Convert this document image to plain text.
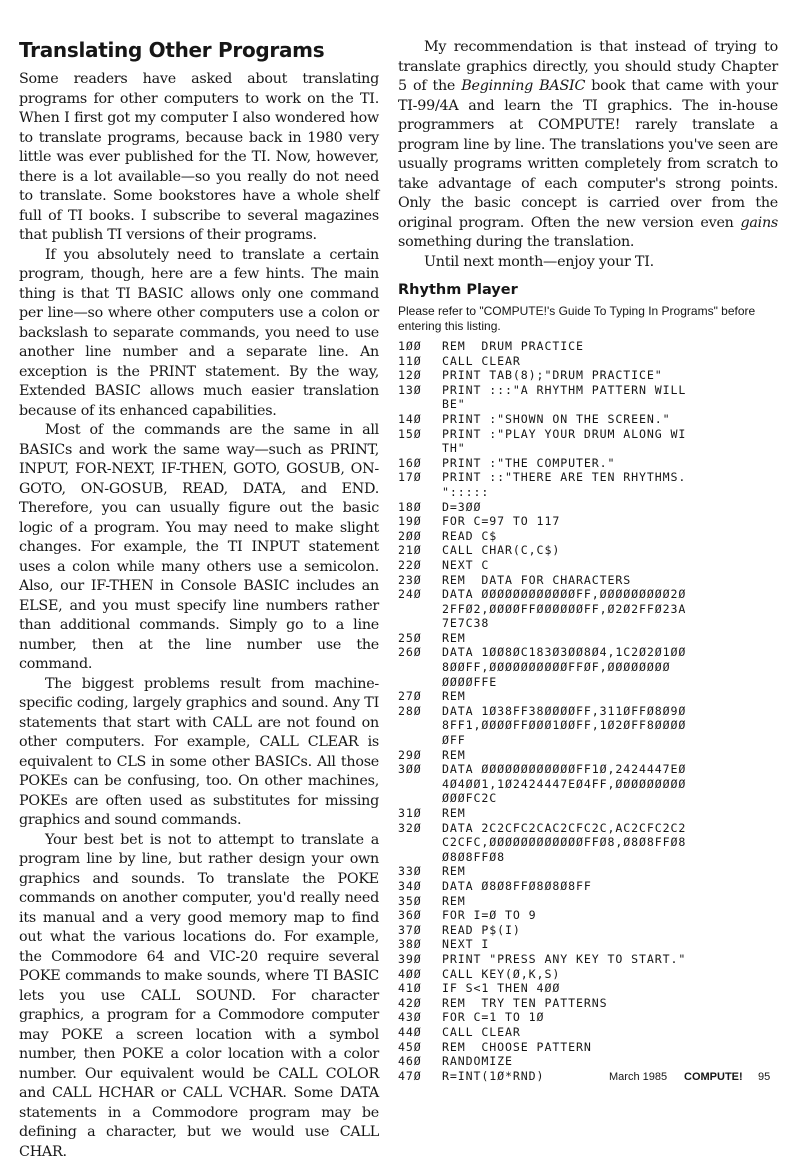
Translating Other Programs

Some readers have asked about translating programs for other computers to work on the TI. When I first got my computer I also wondered how to translate programs, because back in 1980 very little was ever published for the TI. Now, however, there is a lot available—so you really do not need to translate. Some bookstores have a whole shelf full of TI books. I subscribe to several magazines that publish TI versions of their programs.

If you absolutely need to translate a certain program, though, here are a few hints. The main thing is that TI BASIC allows only one command per line—so where other computers use a colon or backslash to separate commands, you need to use another line number and a separate line. An exception is the PRINT statement. By the way, Extended BASIC allows much easier translation because of its enhanced capabilities.

Most of the commands are the same in all BASICs and work the same way—such as PRINT, INPUT, FOR-NEXT, IF-THEN, GOTO, GOSUB, ON-GOTO, ON-GOSUB, READ, DATA, and END. Therefore, you can usually figure out the basic logic of a program. You may need to make slight changes. For example, the TI INPUT statement uses a colon while many others use a semicolon. Also, our IF-THEN in Console BASIC includes an ELSE, and you must specify line numbers rather than additional commands. Simply go to a line number, then at the line number use the command.

The biggest problems result from machine-specific coding, largely graphics and sound. Any TI statements that start with CALL are not found on other computers. For example, CALL CLEAR is equivalent to CLS in some other BASICs. All those POKEs can be confusing, too. On other machines, POKEs are often used as substitutes for missing graphics and sound commands.

Your best bet is not to attempt to translate a program line by line, but rather design your own graphics and sounds. To translate the POKE commands on another computer, you'd really need its manual and a very good memory map to find out what the various locations do. For example, the Commodore 64 and VIC-20 require several POKE commands to make sounds, where TI BASIC lets you use CALL SOUND. For character graphics, a program for a Commodore computer may POKE a screen location with a symbol number, then POKE a color location with a color number. Our equivalent would be CALL COLOR and CALL HCHAR or CALL VCHAR. Some DATA statements in a Commodore program may be defining a character, but we would use CALL CHAR.

My recommendation is that instead of trying to translate graphics directly, you should study Chapter 5 of the Beginning BASIC book that came with your TI-99/4A and learn the TI graphics. The in-house programmers at COMPUTE! rarely translate a program line by line. The translations you've seen are usually programs written completely from scratch to take advantage of each computer's strong points. Only the basic concept is carried over from the original program. Often the new version even gains something during the translation.

Until next month—enjoy your TI.

Rhythm Player

Please refer to "COMPUTE!'s Guide To Typing In Programs" before entering this listing.

1ØØ	REM  DRUM PRACTICE
11Ø	CALL CLEAR
12Ø	PRINT TAB(8);"DRUM PRACTICE"
13Ø	PRINT :::"A RHYTHM PATTERN WILL
BE"
14Ø	PRINT :"SHOWN ON THE SCREEN."
15Ø	PRINT :"PLAY YOUR DRUM ALONG WI
TH"
16Ø	PRINT :"THE COMPUTER."
17Ø	PRINT ::"THERE ARE TEN RHYTHMS.
":::::
18Ø	D=3ØØ
19Ø	FOR C=97 TO 117
2ØØ	READ C$
21Ø	CALL CHAR(C,C$)
22Ø	NEXT C
23Ø	REM  DATA FOR CHARACTERS
24Ø	DATA ØØØØØØØØØØØØFF,ØØØØØØØØØ2Ø
2FFØ2,ØØØØFFØØØØØØFF,Ø2Ø2FFØ23A
7E7C38
25Ø	REM
26Ø	DATA 1ØØ8ØC183Ø3ØØ8Ø4,1C2Ø2Ø1ØØ
8ØØFF,ØØØØØØØØØØFFØF,ØØØØØØØØ
ØØØØFFE
27Ø	REM
28Ø	DATA 1Ø38FF38ØØØØFF,311ØFFØ8Ø9Ø
8FF1,ØØØØFFØØØ1ØØFF,1Ø2ØFF8ØØØØ
ØFF
29Ø	REM
3ØØ	DATA ØØØØØØØØØØØØFF1Ø,2424447EØ
4Ø4ØØ1,1Ø2424447EØ4FF,ØØØØØØØØØ
ØØØFC2C
31Ø	REM
32Ø	DATA 2C2CFC2CAC2CFC2C,AC2CFC2C2
C2CFC,ØØØØØØØØØØØØFFØ8,Ø8Ø8FFØ8
Ø8Ø8FFØ8
33Ø	REM
34Ø	DATA Ø8Ø8FFØ8Ø8Ø8FF
35Ø	REM
36Ø	FOR I=Ø TO 9
37Ø	READ P$(I)
38Ø	NEXT I
39Ø	PRINT "PRESS ANY KEY TO START."
4ØØ	CALL KEY(Ø,K,S)
41Ø	IF S<1 THEN 4ØØ
42Ø	REM  TRY TEN PATTERNS
43Ø	FOR C=1 TO 1Ø
44Ø	CALL CLEAR
45Ø	REM  CHOOSE PATTERN
46Ø	RANDOMIZE
47Ø	R=INT(1Ø*RND)	March 1985 COMPUTE! 95
